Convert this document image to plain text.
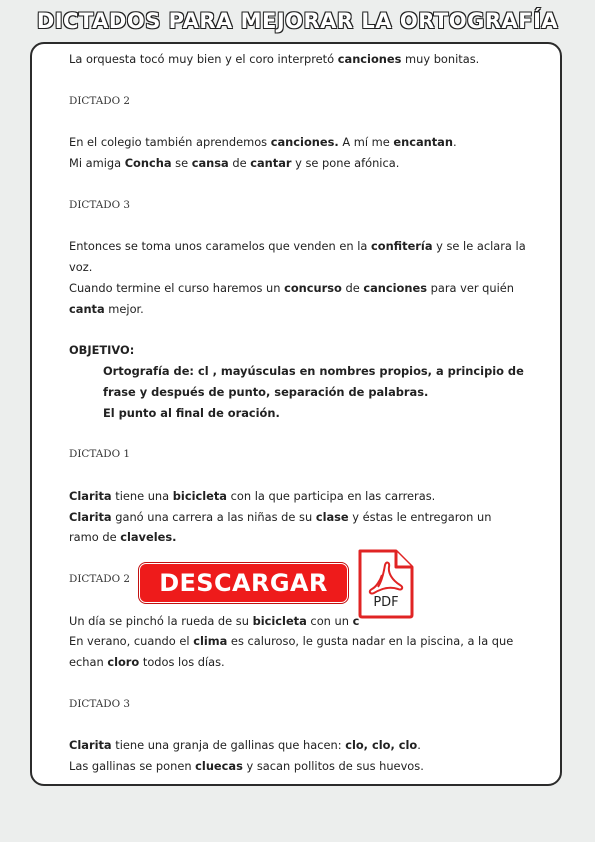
DICTADOS PARA MEJORAR LA ORTOGRAFÍA

La orquesta tocó muy bien y el coro interpretó canciones muy bonitas.

DICTADO 2

En el colegio también aprendemos canciones. A mí me encantan.

Mi amiga Concha se cansa de cantar y se pone afónica.

DICTADO 3

Entonces se toma unos caramelos que venden en la confitería y se le aclara la
voz.

Cuando termine el curso haremos un concurso de canciones para ver quién
canta mejor.

OBJETIVO:

Ortografía de: cl , mayúsculas en nombres propios, a principio de

frase y después de punto, separación de palabras.

El punto al final de oración.

DICTADO 1

Clarita tiene una bicicleta con la que participa en las carreras.

Clarita ganó una carrera a las niñas de su clase y éstas le entregaron un
ramo de claveles.

DICTADO 2

Un día se pinchó la rueda de su bicicleta con un c

En verano, cuando el clima es caluroso, le gusta nadar en la piscina, a la que
echan cloro todos los días.

DICTADO 3

Clarita tiene una granja de gallinas que hacen: clo, clo, clo.

Las gallinas se ponen cluecas y sacan pollitos de sus huevos.

DESCARGAR
PDF
